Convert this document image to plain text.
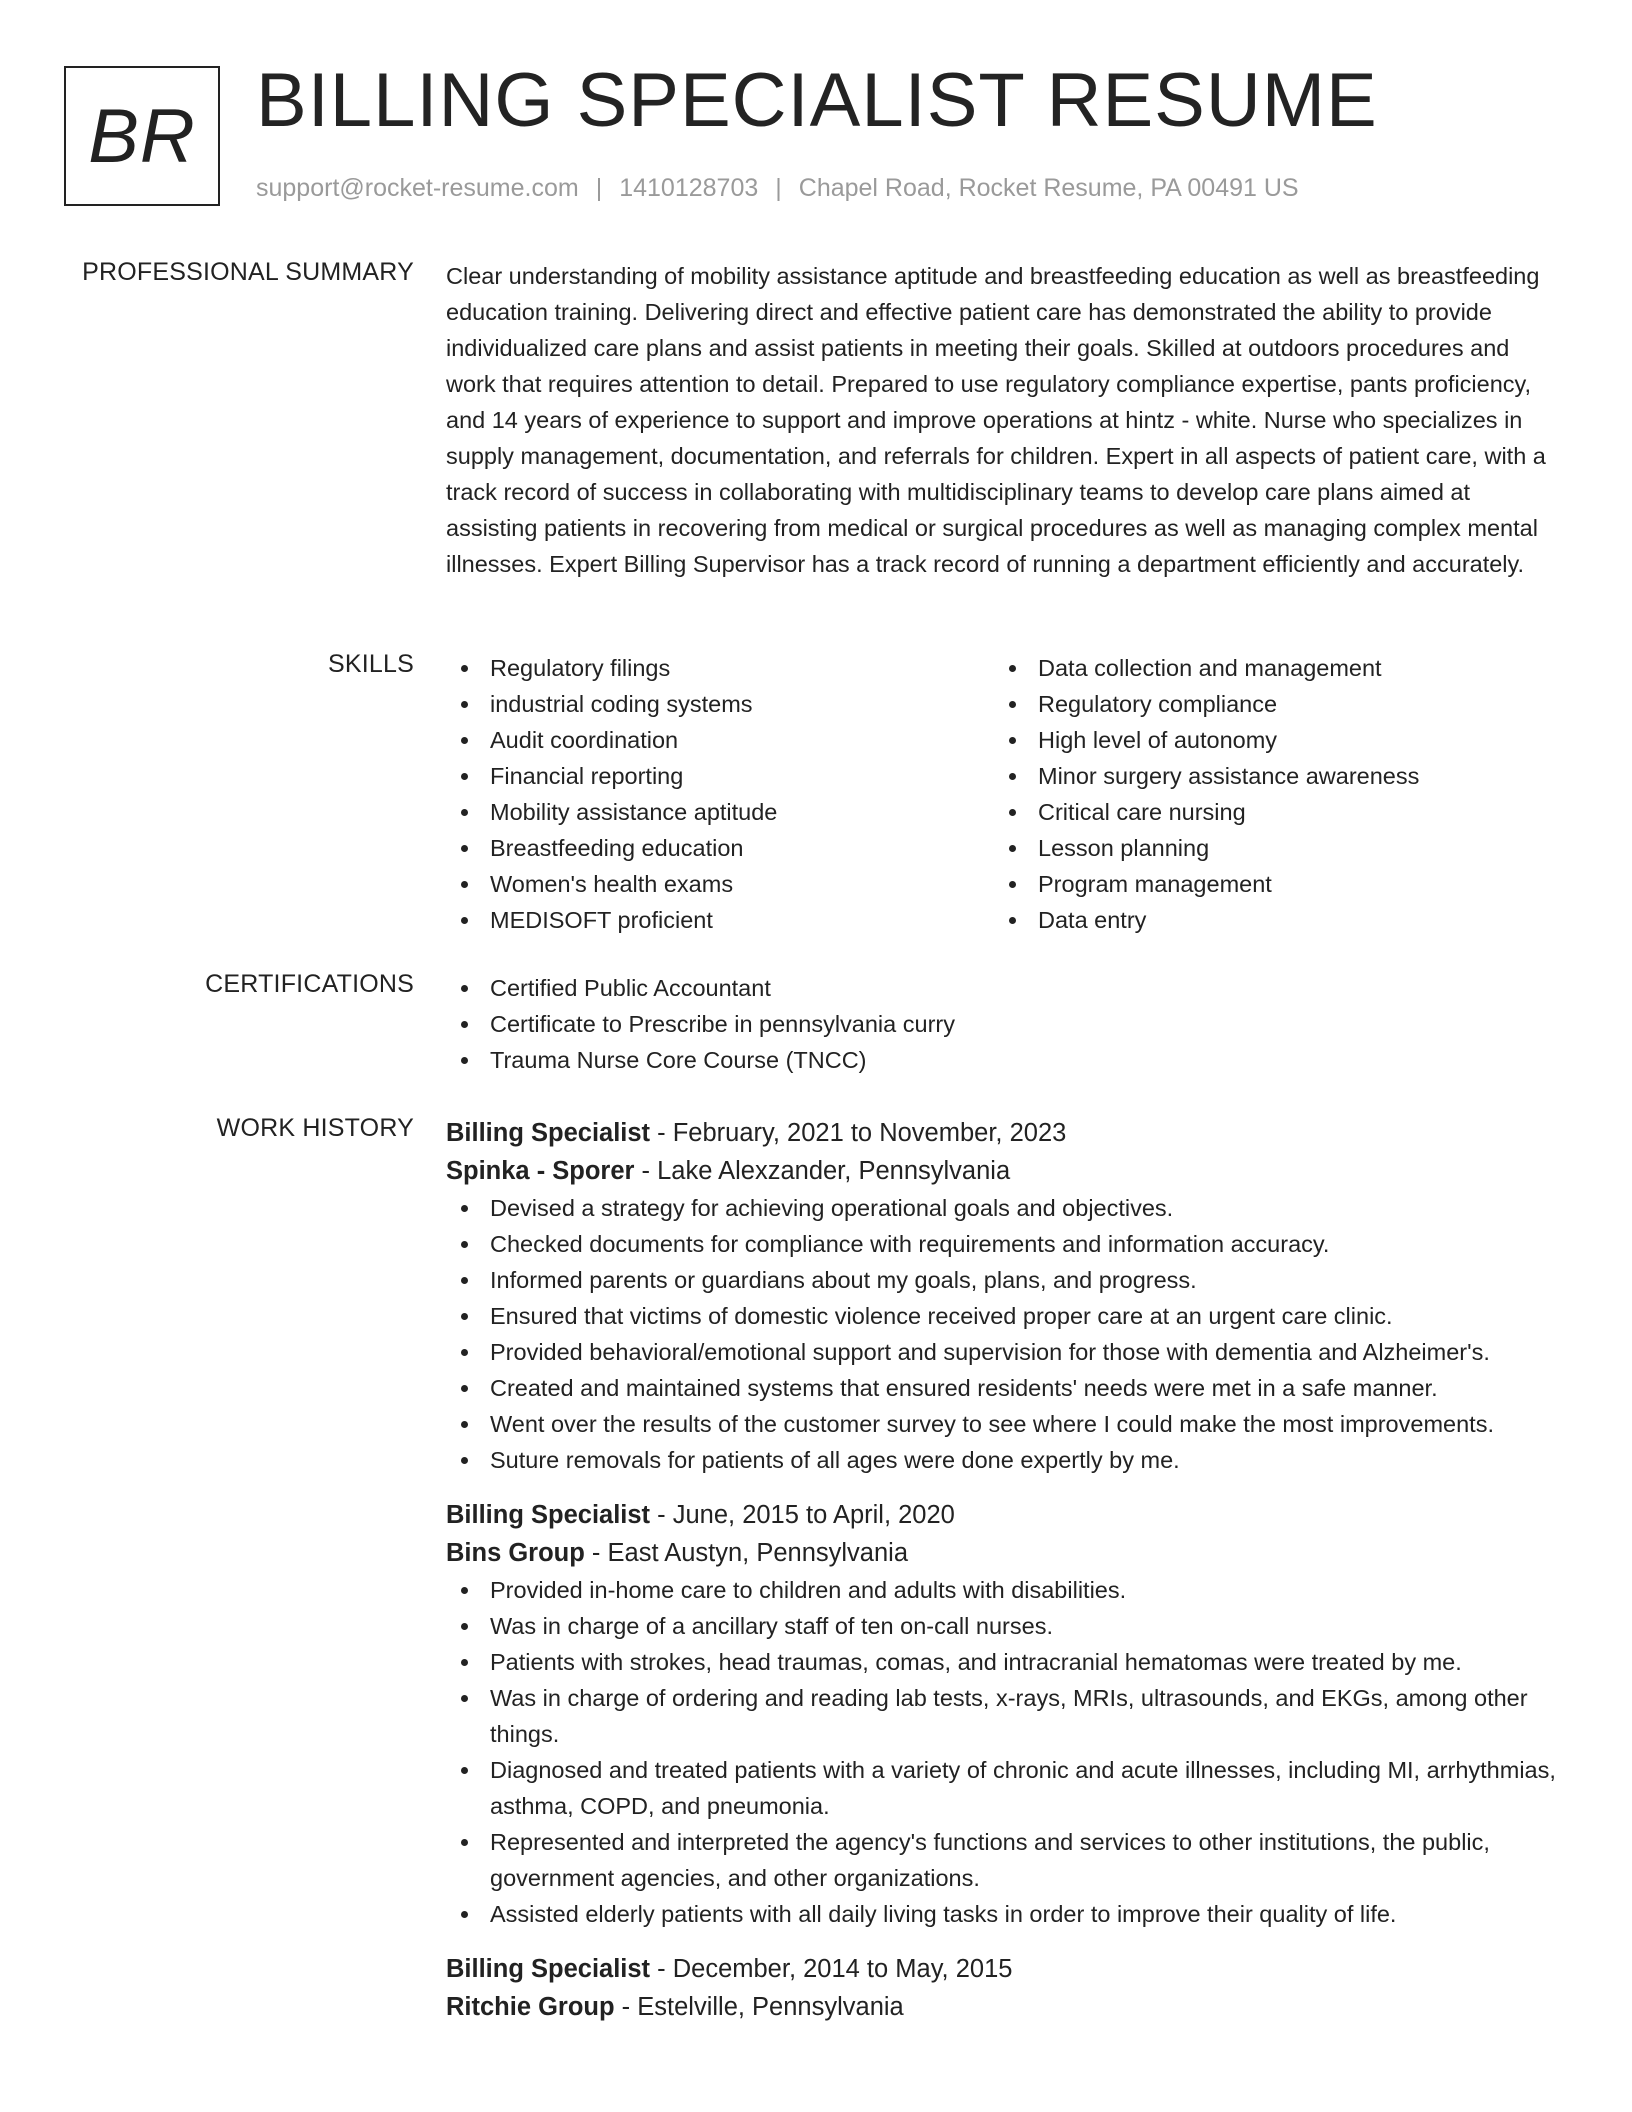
BR BILLING SPECIALIST RESUME
support@rocket-resume.com | 1410128703 | Chapel Road, Rocket Resume, PA 00491 US
PROFESSIONAL SUMMARY Clear understanding of mobility assistance aptitude and breastfeeding education as well as breastfeeding education training. Delivering direct and effective patient care has demonstrated the ability to provide individualized care plans and assist patients in meeting their goals. Skilled at outdoors procedures and work that requires attention to detail. Prepared to use regulatory compliance expertise, pants proficiency, and 14 years of experience to support and improve operations at hintz - white. Nurse who specializes in supply management, documentation, and referrals for children. Expert in all aspects of patient care, with a track record of success in collaborating with multidisciplinary teams to develop care plans aimed at assisting patients in recovering from medical or surgical procedures as well as managing complex mental illnesses. Expert Billing Supervisor has a track record of running a department efficiently and accurately.

SKILLS	Regulatory filings
industrial coding systems
Audit coordination
Financial reporting
Mobility assistance aptitude
Breastfeeding education
Women's health exams
MEDISOFT proficient
Data collection and management
Regulatory compliance
High level of autonomy
Minor surgery assistance awareness
Critical care nursing
Lesson planning
Program management
Data entry
CERTIFICATIONS	Certified Public Accountant
Certificate to Prescribe in pennsylvania curry
Trauma Nurse Core Course (TNCC)
WORK HISTORY Billing Specialist - February, 2021 to November, 2023
Spinka - Sporer - Lake Alexzander, Pennsylvania
Devised a strategy for achieving operational goals and objectives.
Checked documents for compliance with requirements and information accuracy.
Informed parents or guardians about my goals, plans, and progress.
Ensured that victims of domestic violence received proper care at an urgent care clinic.
Provided behavioral/emotional support and supervision for those with dementia and Alzheimer's.
Created and maintained systems that ensured residents' needs were met in a safe manner.
Went over the results of the customer survey to see where I could make the most improvements.
Suture removals for patients of all ages were done expertly by me.
Billing Specialist - June, 2015 to April, 2020
Bins Group - East Austyn, Pennsylvania
Provided in-home care to children and adults with disabilities.
Was in charge of a ancillary staff of ten on-call nurses.
Patients with strokes, head traumas, comas, and intracranial hematomas were treated by me.
Was in charge of ordering and reading lab tests, x-rays, MRIs, ultrasounds, and EKGs, among other things.
Diagnosed and treated patients with a variety of chronic and acute illnesses, including MI, arrhythmias, asthma, COPD, and pneumonia.
Represented and interpreted the agency's functions and services to other institutions, the public, government agencies, and other organizations.
Assisted elderly patients with all daily living tasks in order to improve their quality of life.
Billing Specialist - December, 2014 to May, 2015
Ritchie Group - Estelville, Pennsylvania
